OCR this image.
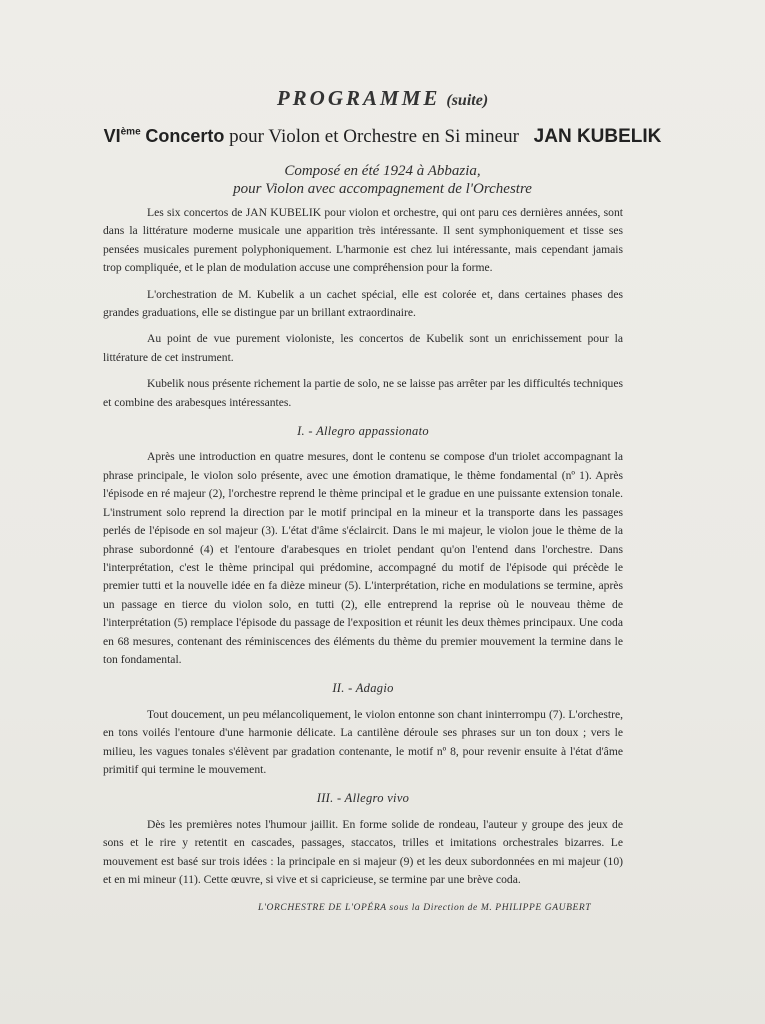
PROGRAMME (suite)
VIème Concerto pour Violon et Orchestre en Si mineur JAN KUBELIK
Composé en été 1924 à Abbazia,
pour Violon avec accompagnement de l'Orchestre

Les six concertos de JAN KUBELIK pour violon et orchestre, qui ont paru ces dernières années, sont dans la littérature moderne musicale une apparition très intéressante. Il sent symphoniquement et tisse ses pensées musicales purement polyphoniquement. L'harmonie est chez lui intéressante, mais cependant jamais trop compliquée, et le plan de modulation accuse une compréhension pour la forme.

L'orchestration de M. Kubelik a un cachet spécial, elle est colorée et, dans certaines phases des grandes graduations, elle se distingue par un brillant extraordinaire.

Au point de vue purement violoniste, les concertos de Kubelik sont un enrichissement pour la littérature de cet instrument.

Kubelik nous présente richement la partie de solo, ne se laisse pas arrêter par les difficultés techniques et combine des arabesques intéressantes.

I. - Allegro appassionato

Après une introduction en quatre mesures, dont le contenu se compose d'un triolet accompagnant la phrase principale, le violon solo présente, avec une émotion dramatique, le thème fondamental (nº 1). Après l'épisode en ré majeur (2), l'orchestre reprend le thème principal et le gradue en une puissante extension tonale. L'instrument solo reprend la direction par le motif principal en la mineur et la transporte dans les passages perlés de l'épisode en sol majeur (3). L'état d'âme s'éclaircit. Dans le mi majeur, le violon joue le thème de la phrase subordonné (4) et l'entoure d'arabesques en triolet pendant qu'on l'entend dans l'orchestre. Dans l'interprétation, c'est le thème principal qui prédomine, accompagné du motif de l'épisode qui précède le premier tutti et la nouvelle idée en fa dièze mineur (5). L'interprétation, riche en modulations se termine, après un passage en tierce du violon solo, en tutti (2), elle entreprend la reprise où le nouveau thème de l'interprétation (5) remplace l'épisode du passage de l'exposition et réunit les deux thèmes principaux. Une coda en 68 mesures, contenant des réminiscences des éléments du thème du premier mouvement la termine dans le ton fondamental.

II. - Adagio

Tout doucement, un peu mélancoliquement, le violon entonne son chant ininterrompu (7). L'orchestre, en tons voilés l'entoure d'une harmonie délicate. La cantilène déroule ses phrases sur un ton doux ; vers le milieu, les vagues tonales s'élèvent par gradation contenante, le motif nº 8, pour revenir ensuite à l'état d'âme primitif qui termine le mouvement.

III. - Allegro vivo

Dès les premières notes l'humour jaillit. En forme solide de rondeau, l'auteur y groupe des jeux de sons et le rire y retentit en cascades, passages, staccatos, trilles et imitations orchestrales bizarres. Le mouvement est basé sur trois idées : la principale en si majeur (9) et les deux subordonnées en mi majeur (10) et en mi mineur (11). Cette œuvre, si vive et si capricieuse, se termine par une brève coda.

L'ORCHESTRE DE L'OPÉRA sous la Direction de M. PHILIPPE GAUBERT
